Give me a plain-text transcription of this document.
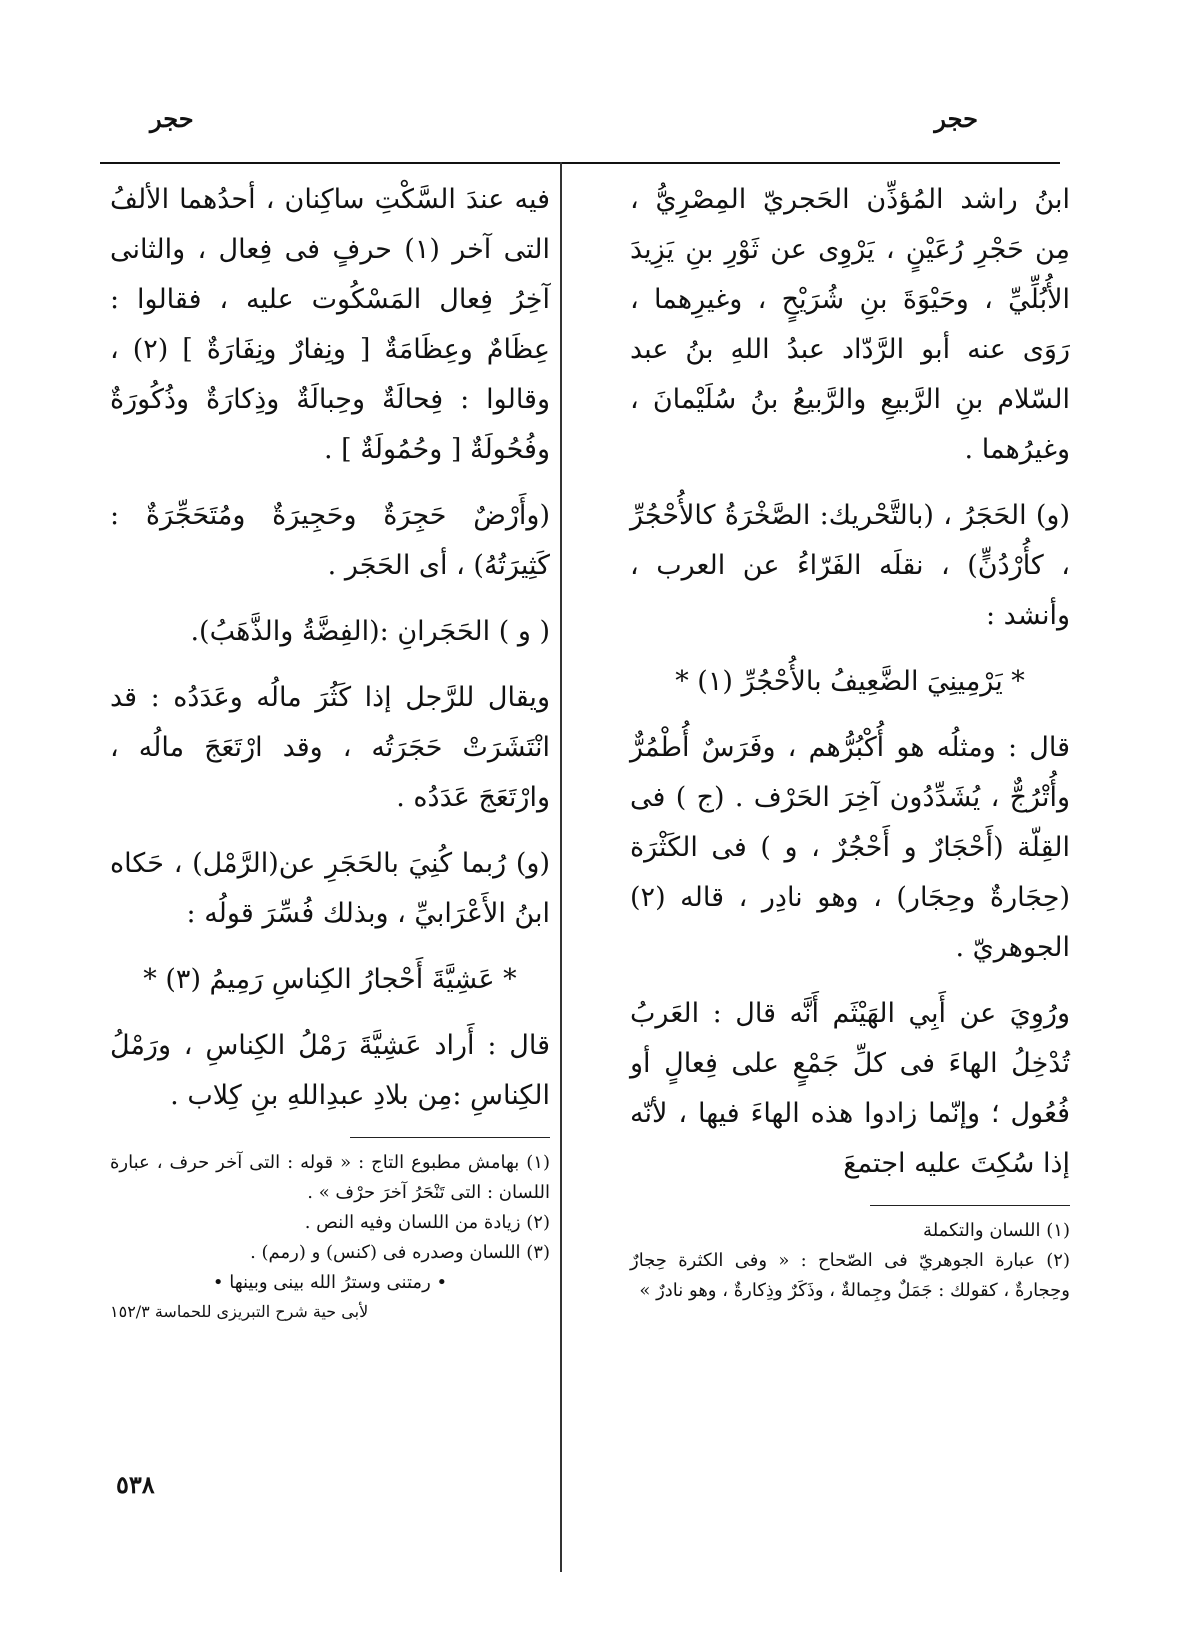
حجر
حجر

ابنُ راشد المُؤذِّن الحَجريّ المِصْرِيُّ ، مِن حَجْرِ رُعَيْنٍ ، يَرْوِى عن ثَوْرِ بنِ يَزِيدَ الأُبُلِّيِّ ، وحَيْوَةَ بنِ شُرَيْحٍ ، وغيرِهما ، رَوَى عنه أبو الرَّدّاد عبدُ اللهِ بنُ عبد السّلام بنِ الرَّبيعِ والرَّبيعُ بنُ سُلَيْمانَ ، وغيرُهما .

(و) الحَجَرُ ، (بالتَّحْريك: الصَّخْرَةُ كالأُحْجُرِّ ، كأُرْدُنٍّ) ، نقلَه الفَرّاءُ عن العرب ، وأنشد :

* يَرْمِينِيَ الضَّعِيفُ بالأُحْجُرِّ (١) *

قال : ومثلُه هو أُكْبُرُّهم ، وفَرَسٌ أُطْمُرٌّ وأُتْرُجٌّ ، يُشَدِّدُون آخِرَ الحَرْف . (ج ) فى القِلّة (أَحْجَارٌ و أَحْجُرٌ ، و ) فى الكَثْرَة (حِجَارةٌ وحِجَار) ، وهو نادِر ، قاله (٢) الجوهريّ .

ورُوِيَ عن أَبِي الهَيْثَم أَنَّه قال : العَربُ تُدْخِلُ الهاءَ فى كلِّ جَمْعٍ على فِعالٍ أو فُعُول ؛ وإنّما زادوا هذه الهاءَ فيها ، لأنّه إذا سُكِتَ عليه اجتمعَ

(١) اللسان والتكملة

(٢) عبارة الجوهريّ فى الصّحاح : « وفى الكثرة حِجارٌ وحِجارةٌ ، كقولك : جَمَلٌ وجِمالةٌ ، وذَكَرٌ وذِكارةٌ ، وهو نادرٌ »

فيه عندَ السَّكْتِ ساكِنان ، أحدُهما الألفُ التى آخر (١) حرفٍ فى فِعال ، والثانى آخِرُ فِعال المَسْكُوت عليه ، فقالوا : عِظَامٌ وعِظَامَةٌ [ ونِفارٌ ونِفَارَةٌ ] (٢) ، وقالوا : فِحالَةٌ وحِبالَةٌ وذِكارَةٌ وذُكُورَةٌ وفُحُولَةٌ [ وحُمُولَةٌ ] .

(وأَرْضٌ حَجِرَةٌ وحَجِيرَةٌ ومُتَحَجِّرَةٌ : كَثِيرَتُهُ) ، أى الحَجَر .

( و ) الحَجَرانِ :(الفِضَّةُ والذَّهَبُ).

ويقال للرَّجل إذا كَثُرَ مالُه وعَدَدُه : قد انْتَشَرَتْ حَجَرَتُه ، وقد ارْتَعَجَ مالُه ، وارْتَعَجَ عَدَدُه .

(و) رُبما كُنِيَ بالحَجَرِ عن(الرَّمْل) ، حَكاه ابنُ الأَعْرَابيِّ ، وبذلك فُسِّرَ قولُه :

* عَشِيَّةَ أَحْجارُ الكِناسِ رَمِيمُ (٣) *

قال : أَراد عَشِيَّةَ رَمْلُ الكِناسِ ، ورَمْلُ الكِناسِ :مِن بلادِ عبدِاللهِ بنِ كِلاب .

(١) بهامش مطبوع التاج : « قوله : التى آخر حرف ، عبارة اللسان : التى تَنْحَرُ آخرَ حرْف » .

(٢) زيادة من اللسان وفيه النص .

(٣) اللسان وصدره فى (كنس) و (رمم) .

• رمتنى وسترُ الله بينى وبينها •

لأبى حية شرح التبريزى للحماسة ١٥٢/٣

٥٣٨
